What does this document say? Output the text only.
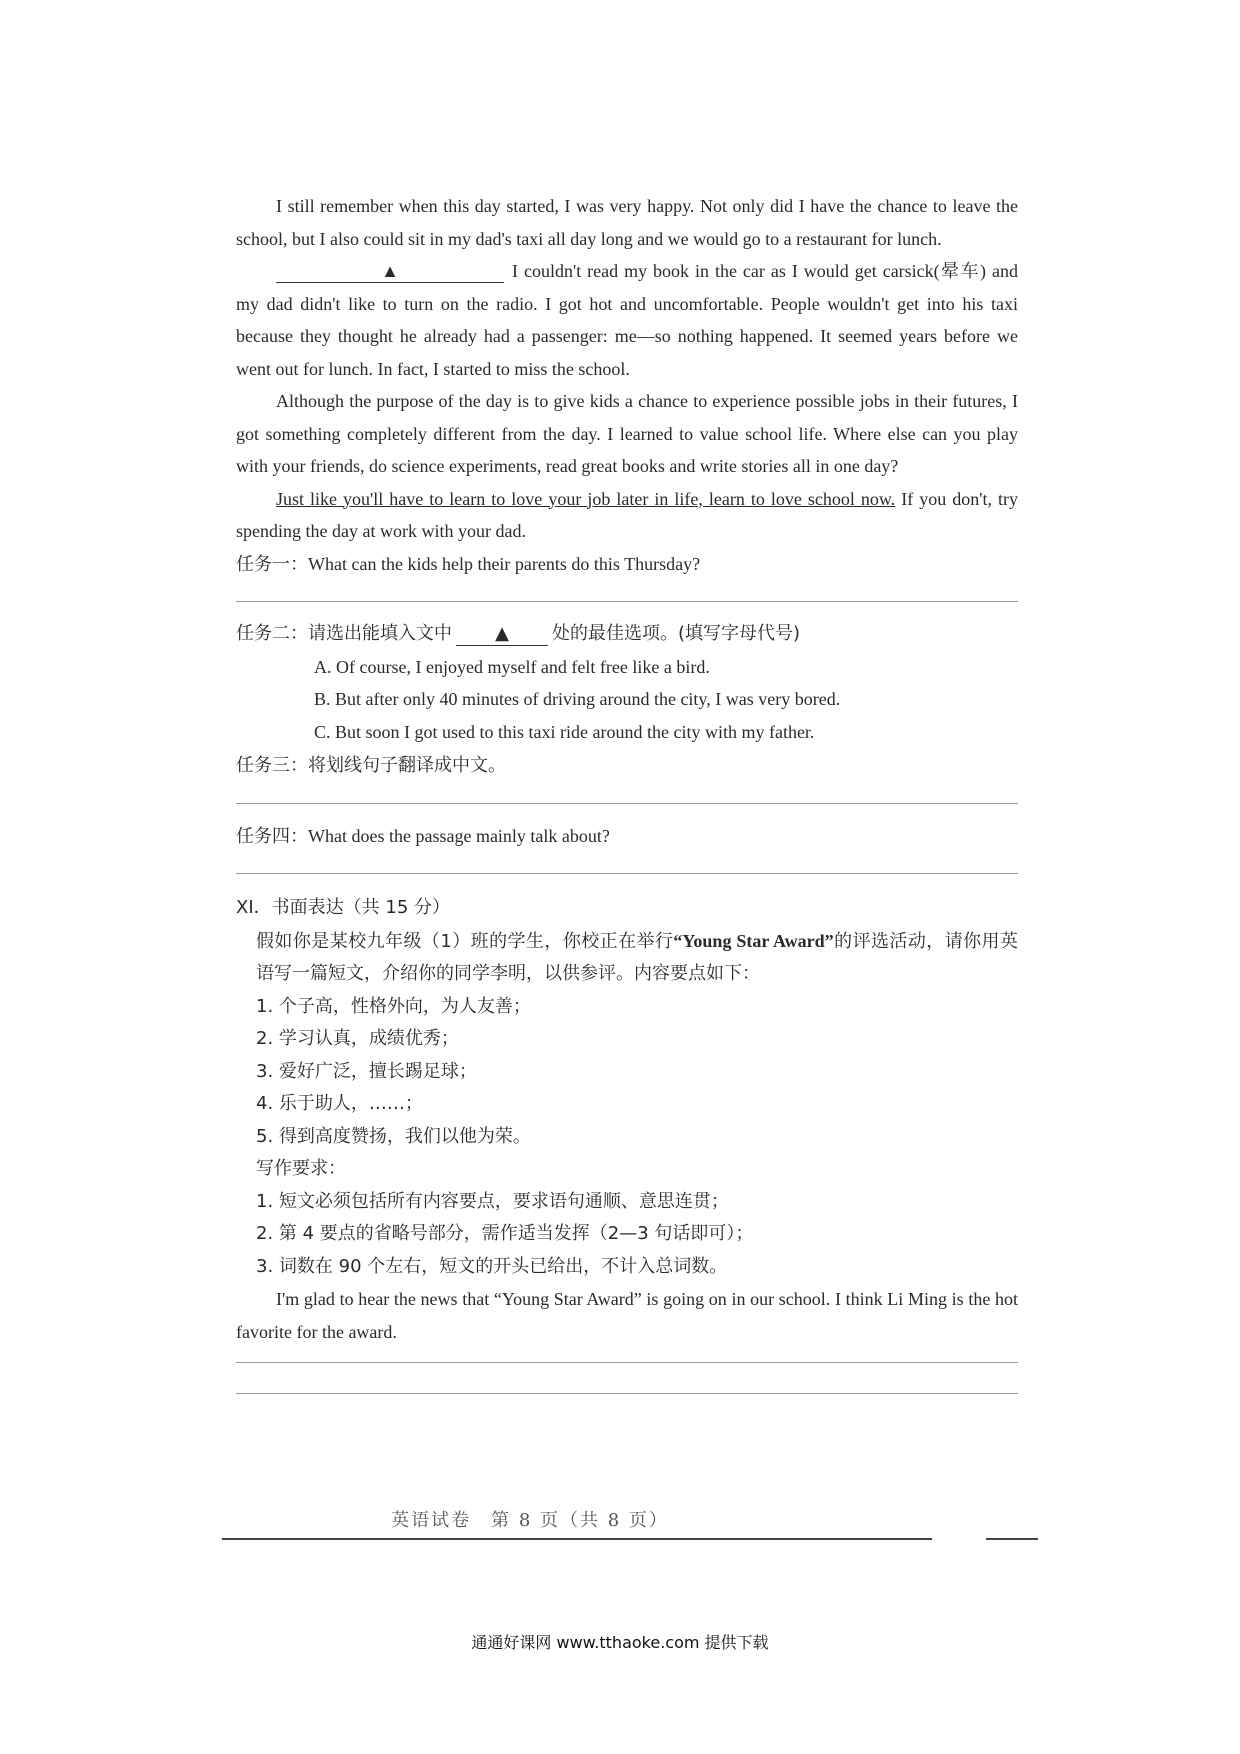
I still remember when this day started, I was very happy. Not only did I have the chance to leave the school, but I also could sit in my dad's taxi all day long and we would go to a restaurant for lunch.

▲	I couldn't read my book in the car as I would get carsick(晕车) and my dad didn't like to turn on the radio. I got hot and uncomfortable. People wouldn't get into his taxi because they thought he already had a passenger: me—so nothing happened. It seemed years before we went out for lunch. In fact, I started to miss the school.

Although the purpose of the day is to give kids a chance to experience possible jobs in their futures, I got something completely different from the day. I learned to value school life. Where else can you play with your friends, do science experiments, read great books and write stories all in one day?

Just like you'll have to learn to love your job later in life, learn to love school now. If you don't, try spending the day at work with your dad.

任务一：What can the kids help their parents do this Thursday?
任务二：请选出能填入文中 ▲ 处的最佳选项。(填写字母代号)

A. Of course, I enjoyed myself and felt free like a bird.

B. But after only 40 minutes of driving around the city, I was very bored.

C. But soon I got used to this taxi ride around the city with my father.

任务三：将划线句子翻译成中文。
任务四：What does the passage mainly talk about?
XI．书面表达（共 15 分）

假如你是某校九年级（1）班的学生，你校正在举行“Young Star Award”的评选活动，请你用英语写一篇短文，介绍你的同学李明，以供参评。内容要点如下：

1. 个子高，性格外向，为人友善；

2. 学习认真，成绩优秀；

3. 爱好广泛，擅长踢足球；

4. 乐于助人，……；

5. 得到高度赞扬，我们以他为荣。

写作要求：

1. 短文必须包括所有内容要点，要求语句通顺、意思连贯；

2. 第 4 要点的省略号部分，需作适当发挥（2—3 句话即可）；

3. 词数在 90 个左右，短文的开头已给出，不计入总词数。

I'm glad to hear the news that “Young Star Award” is going on in our school. I think Li Ming is the hot favorite for the award.

英语试卷　第 8 页（共 8 页）
通通好课网 www.tthaoke.com 提供下载
